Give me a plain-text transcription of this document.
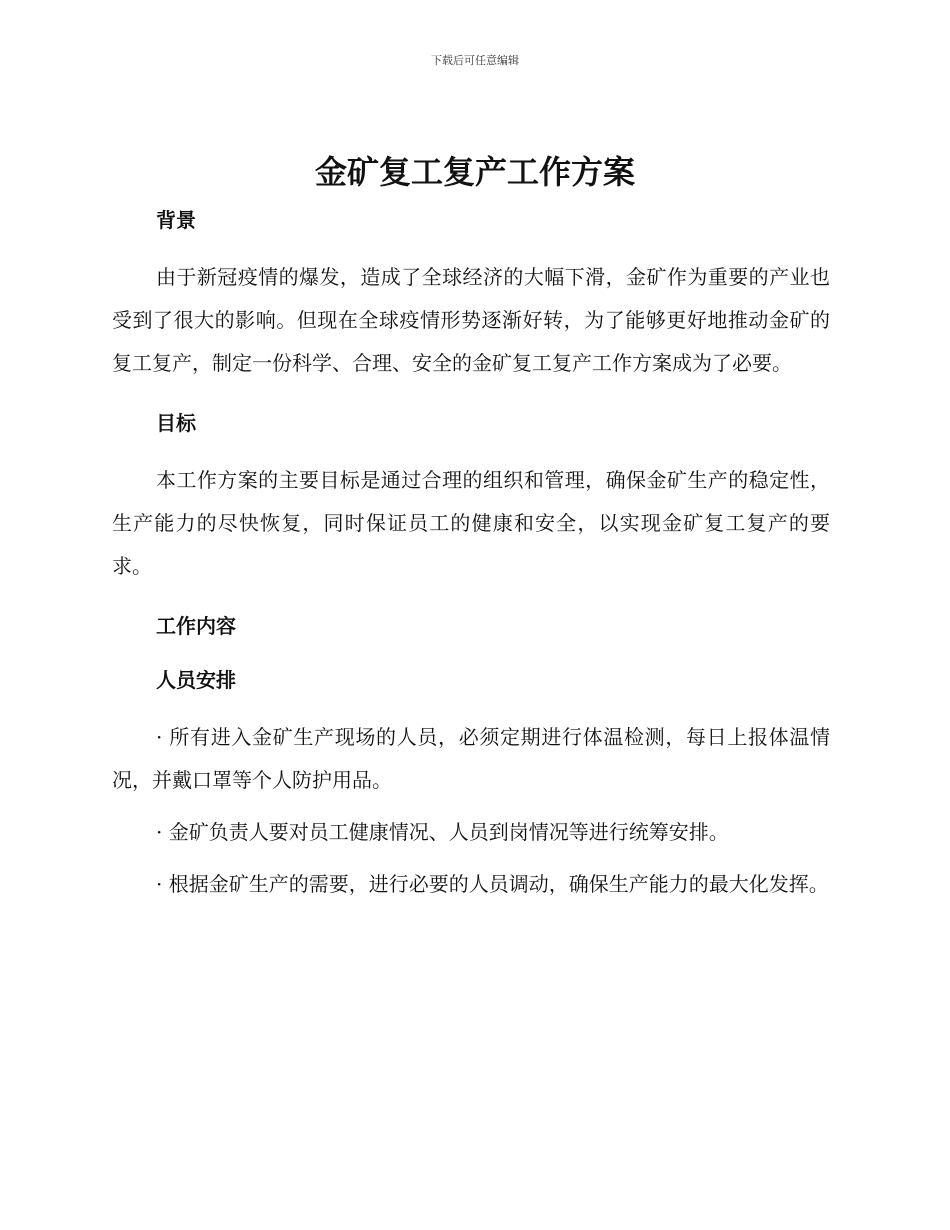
下载后可任意编辑
金矿复工复产工作方案
背景

由于新冠疫情的爆发，造成了全球经济的大幅下滑，金矿作为重要的产业也受到了很大的影响。但现在全球疫情形势逐渐好转，为了能够更好地推动金矿的复工复产，制定一份科学、合理、安全的金矿复工复产工作方案成为了必要。

目标

本工作方案的主要目标是通过合理的组织和管理，确保金矿生产的稳定性，生产能力的尽快恢复，同时保证员工的健康和安全，以实现金矿复工复产的要求。

工作内容
人员安排

· 所有进入金矿生产现场的人员，必须定期进行体温检测，每日上报体温情况，并戴口罩等个人防护用品。

· 金矿负责人要对员工健康情况、人员到岗情况等进行统筹安排。

· 根据金矿生产的需要，进行必要的人员调动，确保生产能力的最大化发挥。
